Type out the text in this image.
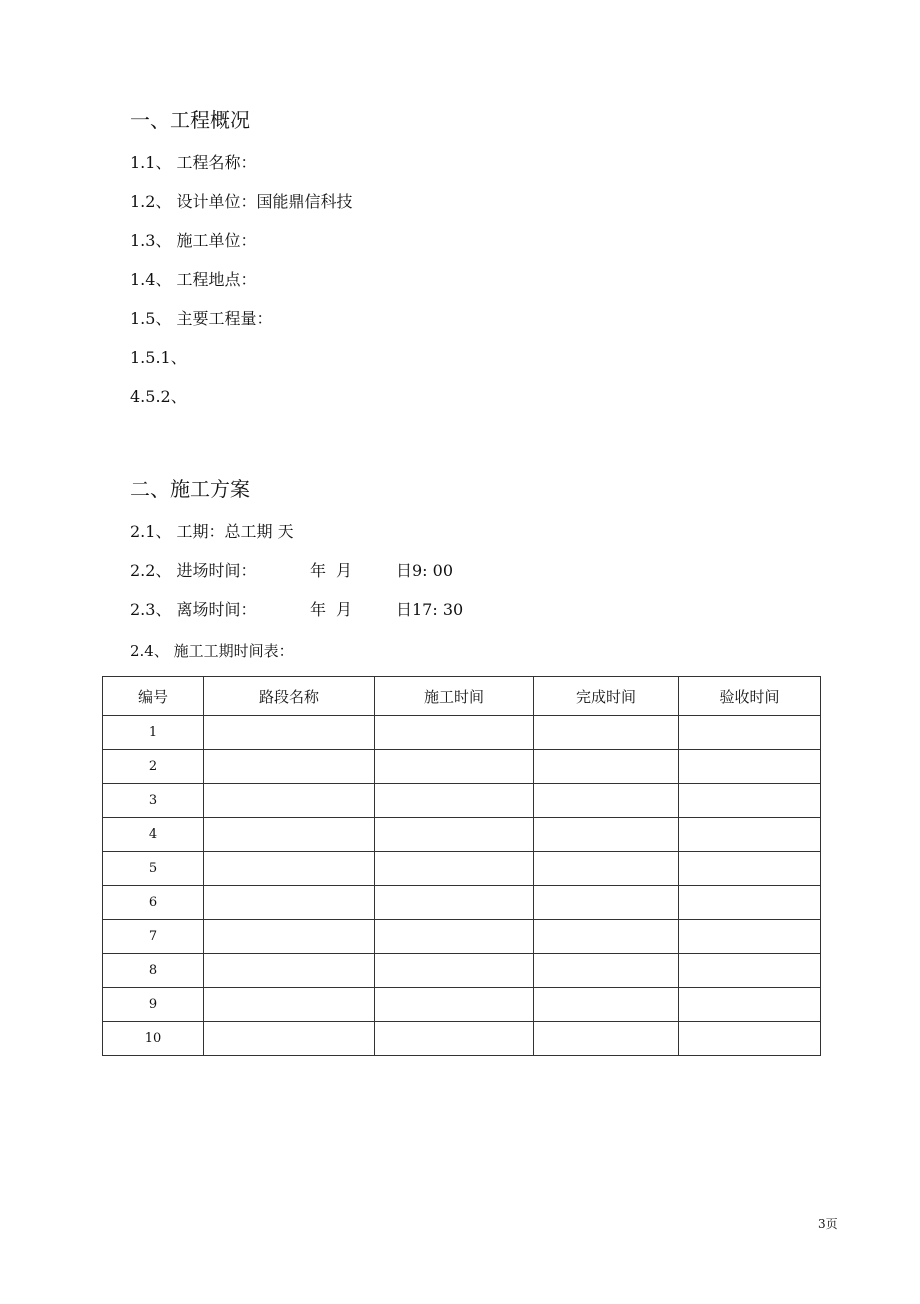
一、工程概况
1.1、 工程名称：
1.2、 设计单位：国能鼎信科技
1.3、 施工单位：
1.4、 工程地点：
1.5、 主要工程量：
1.5.1、
4.5.2、
二、施工方案
2.1、 工期：总工期 天
2.2、 进场时间：	年 月	日9: 00
2.3、 离场时间：	年 月	日17: 30
2.4、 施工工期时间表：
编号	路段名称	施工时间	完成时间	验收时间
1				
2				
3				
4				
5				
6				
7				
8				
9				
10				
3页
